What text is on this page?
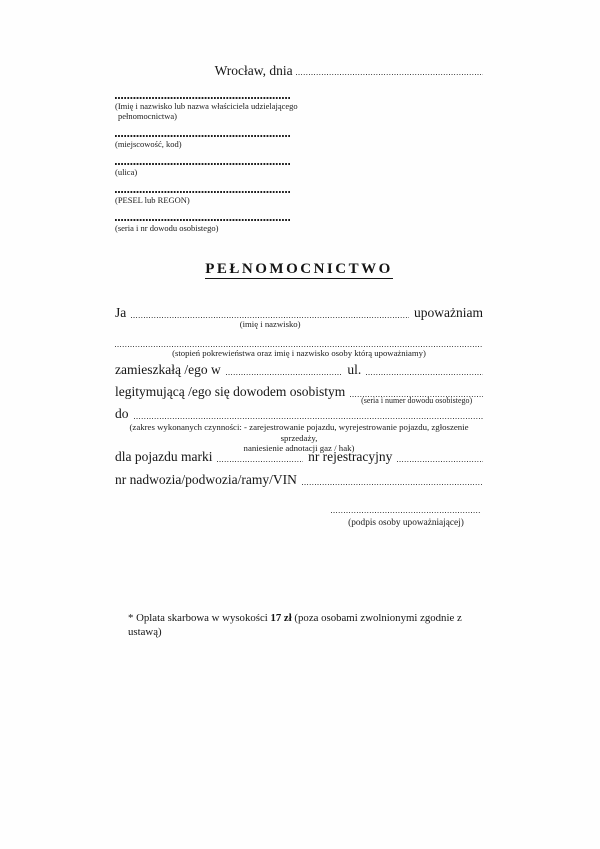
Wrocław, dnia
(Imię i nazwisko lub nazwa właściciela udzielającego
pełnomocnictwa)
(miejscowość, kod)
(ulica)
(PESEL lub REGON)
(seria i nr dowodu osobistego)
PEŁNOMOCNICTWO
Ja
(imię i nazwisko)
upoważniam
(stopień pokrewieństwa oraz imię i nazwisko osoby którą upoważniamy)
zamieszkałą /ego w	ul.
legitymującą /ego się dowodem osobistym
(seria i numer dowodu osobistego)
do
(zakres wykonanych czynności: - zarejestrowanie pojazdu, wyrejestrowanie pojazdu, zgłoszenie sprzedaży,
naniesienie adnotacji gaz / hak)
dla pojazdu marki	nr rejestracyjny
nr nadwozia/podwozia/ramy/VIN
(podpis osoby upoważniającej)
* Oplata skarbowa w wysokości 17 zł (poza osobami zwolnionymi zgodnie z ustawą)
